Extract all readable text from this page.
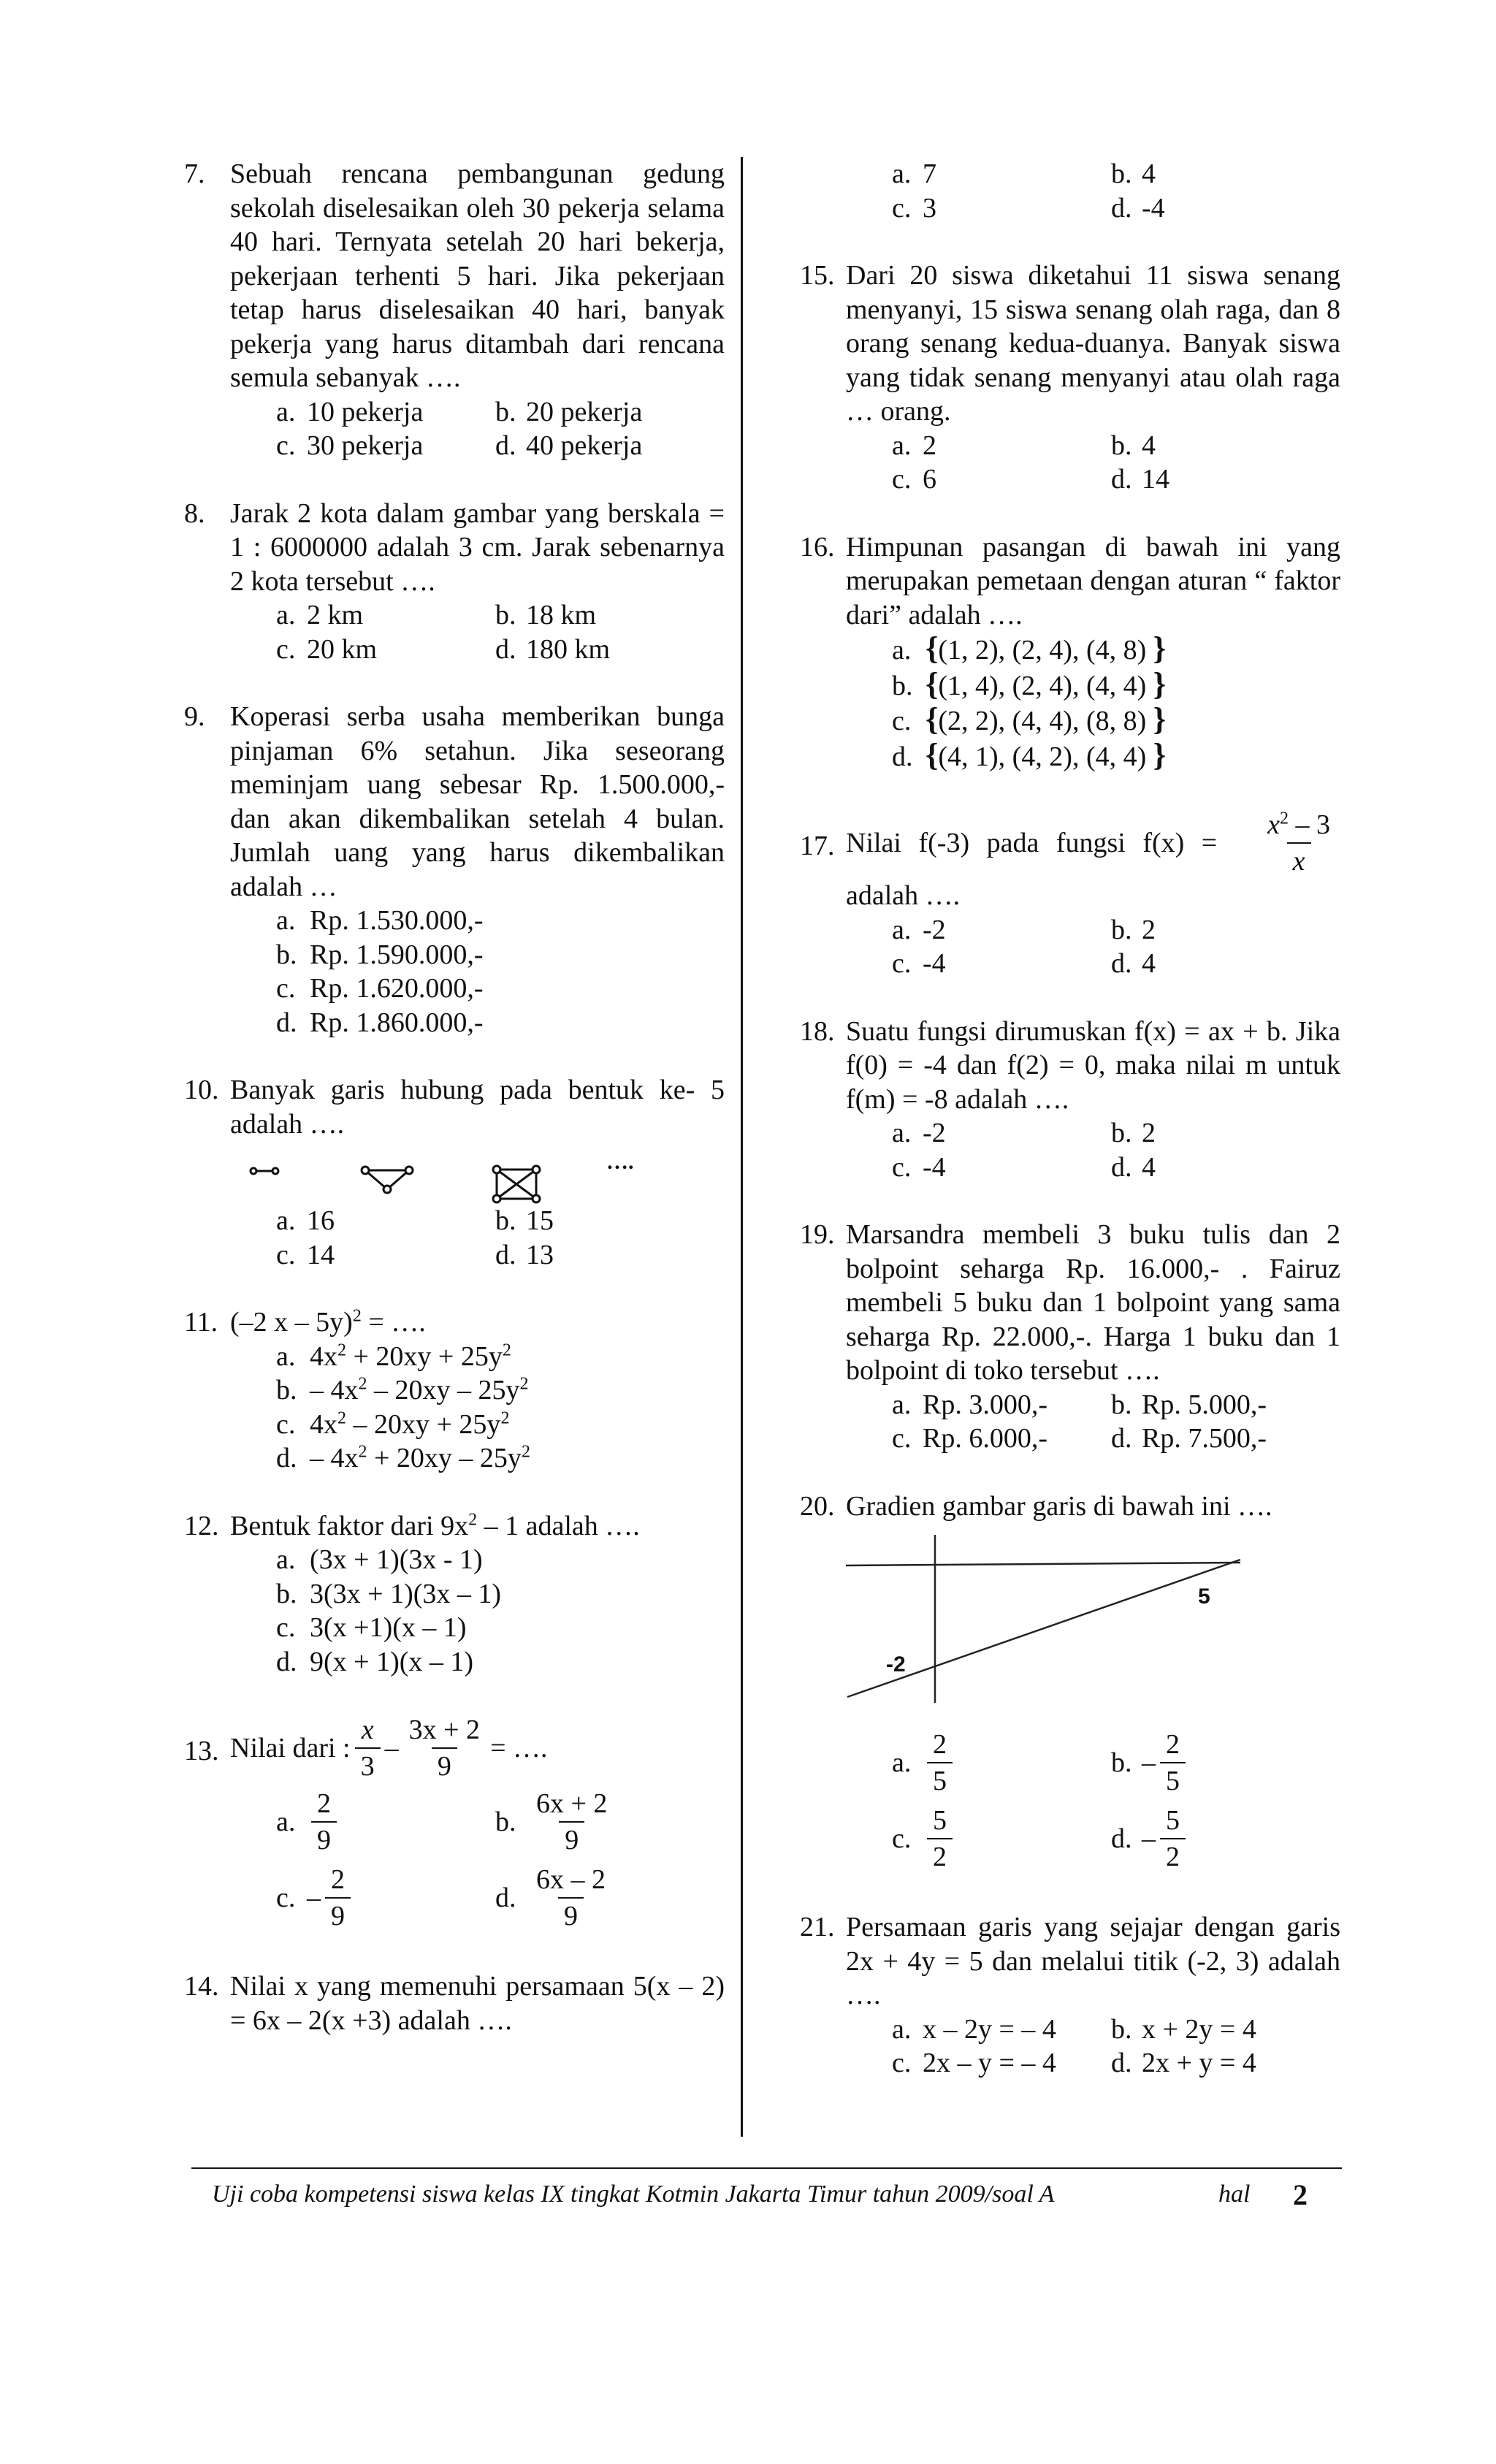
7. Sebuah rencana pembangunan gedung sekolah diselesaikan oleh 30 pekerja selama 40 hari. Ternyata setelah 20 hari bekerja, pekerjaan terhenti 5 hari. Jika pekerjaan tetap harus diselesaikan 40 hari, banyak pekerja yang harus ditambah dari rencana semula sebanyak ….
a. 10 pekerja	b. 20 pekerja
c. 30 pekerja	d. 40 pekerja
8. Jarak 2 kota dalam gambar yang berskala = 1 : 6000000 adalah 3 cm. Jarak sebenarnya 2 kota tersebut ….
a. 2 km	b. 18 km
c. 20 km	d. 180 km
9. Koperasi serba usaha memberikan bunga pinjaman 6% setahun. Jika seseorang meminjam uang sebesar Rp. 1.500.000,- dan akan dikembalikan setelah 4 bulan. Jumlah uang yang harus dikembalikan adalah …
a. Rp. 1.530.000,-
b. Rp. 1.590.000,-
c. Rp. 1.620.000,-
d. Rp. 1.860.000,-
10. Banyak garis hubung pada bentuk ke- 5 adalah ….
….
a. 16	b. 15
c. 14	d. 13
11. (–2 x – 5y)$^2$ = ….
a. $4x^2 + 20xy + 25y^2$
b. – $4x^2 - 20xy - 25y^2$
c. $4x^2 - 20xy + 25y^2$
d. – $4x^2 + 20xy - 25y^2$
12. Bentuk faktor dari $9x^2 - 1$ adalah ….
a. (3x + 1)(3x - 1)
b. 3(3x + 1)(3x – 1)
c. 3(x +1)(x – 1)
d. 9(x + 1)(x – 1)
13. Nilai dari : $\frac{x}{3} - \frac{3x + 2}{9}$ = ….
a. $\frac{2}{9}$	b. $\frac{6x + 2}{9}$
c. – $\frac{2}{9}$	d. $\frac{6x - 2}{9}$
14. Nilai x yang memenuhi persamaan 5(x – 2) = 6x – 2(x +3) adalah ….
a. 7	b. 4
c. 3	d. -4
15. Dari 20 siswa diketahui 11 siswa senang menyanyi, 15 siswa senang olah raga, dan 8 orang senang kedua-duanya. Banyak siswa yang tidak senang menyanyi atau olah raga … orang.
a. 2	b. 4
c. 6	d. 14
16. Himpunan pasangan di bawah ini yang merupakan pemetaan dengan aturan “ faktor dari” adalah ….
a. {(1, 2), (2, 4), (4, 8) }
b. {(1, 4), (2, 4), (4, 4) }
c. {(2, 2), (4, 4), (8, 8) }
d. {(4, 1), (4, 2), (4, 4) }
17. Nilai f(-3) pada fungsi $f(x) = \frac{x^2 - 3}{x}$
adalah ….
a. -2	b. 2
c. -4	d. 4
18. Suatu fungsi dirumuskan f(x) = ax + b. Jika f(0) = -4 dan f(2) = 0, maka nilai m untuk f(m) = -8 adalah ….
a. -2	b. 2
c. -4	d. 4
19. Marsandra membeli 3 buku tulis dan 2 bolpoint seharga Rp. 16.000,- . Fairuz membeli 5 buku dan 1 bolpoint yang sama seharga Rp. 22.000,-. Harga 1 buku dan 1 bolpoint di toko tersebut ….
a. Rp. 3.000,- b. Rp. 5.000,-
c. Rp. 6.000,- d. Rp. 7.500,-
20. Gradien gambar garis di bawah ini ….
5
-2
a. $\frac{2}{5}$	b. – $\frac{2}{5}$
c. $\frac{5}{2}$	d. – $\frac{5}{2}$
21. Persamaan garis yang sejajar dengan garis 2x + 4y = 5 dan melalui titik (-2, 3) adalah ….
a. x – 2y = – 4 b. x + 2y = 4
c. 2x – y = – 4 d. 2x + y = 4
Uji coba kompetensi siswa kelas IX tingkat Kotmin Jakarta Timur tahun 2009/soal A	hal 2
